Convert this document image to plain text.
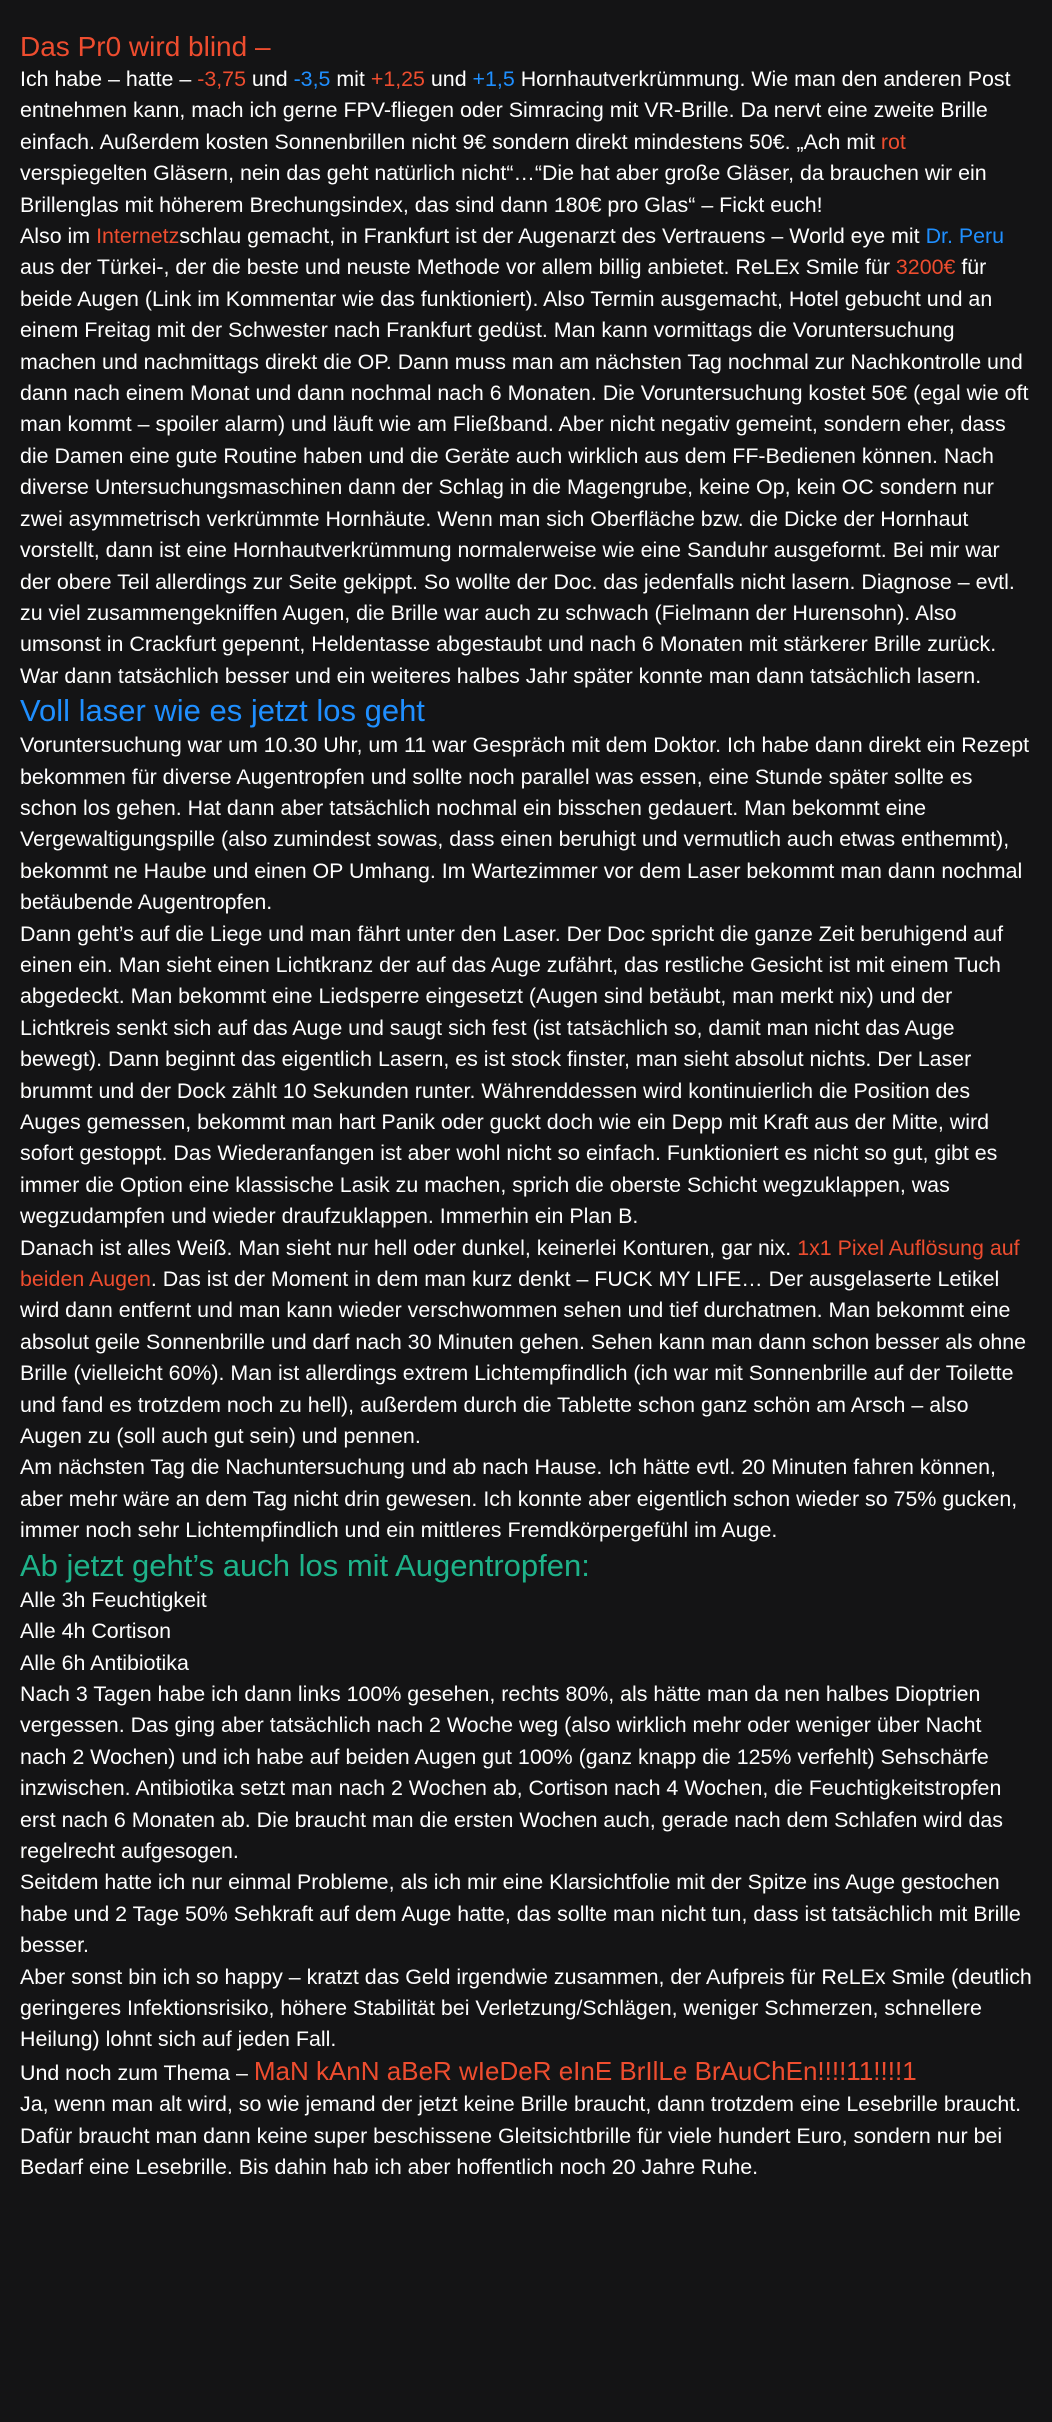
Das Pr0 wird blind –

Ich habe – hatte – -3,75 und -3,5 mit +1,25 und +1,5 Hornhautverkrümmung. Wie man den anderen Post entnehmen kann, mach ich gerne FPV-fliegen oder Simracing mit VR-Brille. Da nervt eine zweite Brille einfach. Außerdem kosten Sonnenbrillen nicht 9€ sondern direkt mindestens 50€. „Ach mit rot verspiegelten Gläsern, nein das geht natürlich nicht“…“Die hat aber große Gläser, da brauchen wir ein Brillenglas mit höherem Brechungsindex, das sind dann 180€ pro Glas“ – Fickt euch!

Also im Internetzschlau gemacht, in Frankfurt ist der Augenarzt des Vertrauens – World eye mit Dr. Peru aus der Türkei-, der die beste und neuste Methode vor allem billig anbietet. ReLEx Smile für 3200€ für beide Augen (Link im Kommentar wie das funktioniert). Also Termin ausgemacht, Hotel gebucht und an einem Freitag mit der Schwester nach Frankfurt gedüst. Man kann vormittags die Voruntersuchung machen und nachmittags direkt die OP. Dann muss man am nächsten Tag nochmal zur Nachkontrolle und dann nach einem Monat und dann nochmal nach 6 Monaten. Die Voruntersuchung kostet 50€ (egal wie oft man kommt – spoiler alarm) und läuft wie am Fließband. Aber nicht negativ gemeint, sondern eher, dass die Damen eine gute Routine haben und die Geräte auch wirklich aus dem FF-Bedienen können. Nach diverse Untersuchungsmaschinen dann der Schlag in die Magengrube, keine Op, kein OC sondern nur zwei asymmetrisch verkrümmte Hornhäute. Wenn man sich Oberfläche bzw. die Dicke der Hornhaut vorstellt, dann ist eine Hornhautverkrümmung normalerweise wie eine Sanduhr ausgeformt. Bei mir war der obere Teil allerdings zur Seite gekippt. So wollte der Doc. das jedenfalls nicht lasern. Diagnose – evtl. zu viel zusammengekniffen Augen, die Brille war auch zu schwach (Fielmann der Hurensohn). Also umsonst in Crackfurt gepennt, Heldentasse abgestaubt und nach 6 Monaten mit stärkerer Brille zurück. War dann tatsächlich besser und ein weiteres halbes Jahr später konnte man dann tatsächlich lasern.

Voll laser wie es jetzt los geht

Voruntersuchung war um 10.30 Uhr, um 11 war Gespräch mit dem Doktor. Ich habe dann direkt ein Rezept bekommen für diverse Augentropfen und sollte noch parallel was essen, eine Stunde später sollte es schon los gehen. Hat dann aber tatsächlich nochmal ein bisschen gedauert. Man bekommt eine Vergewaltigungspille (also zumindest sowas, dass einen beruhigt und vermutlich auch etwas enthemmt), bekommt ne Haube und einen OP Umhang. Im Wartezimmer vor dem Laser bekommt man dann nochmal betäubende Augentropfen.

Dann geht’s auf die Liege und man fährt unter den Laser. Der Doc spricht die ganze Zeit beruhigend auf einen ein. Man sieht einen Lichtkranz der auf das Auge zufährt, das restliche Gesicht ist mit einem Tuch abgedeckt. Man bekommt eine Liedsperre eingesetzt (Augen sind betäubt, man merkt nix) und der Lichtkreis senkt sich auf das Auge und saugt sich fest (ist tatsächlich so, damit man nicht das Auge bewegt). Dann beginnt das eigentlich Lasern, es ist stock finster, man sieht absolut nichts. Der Laser brummt und der Dock zählt 10 Sekunden runter. Währenddessen wird kontinuierlich die Position des Auges gemessen, bekommt man hart Panik oder guckt doch wie ein Depp mit Kraft aus der Mitte, wird sofort gestoppt. Das Wiederanfangen ist aber wohl nicht so einfach. Funktioniert es nicht so gut, gibt es immer die Option eine klassische Lasik zu machen, sprich die oberste Schicht wegzuklappen, was wegzudampfen und wieder draufzuklappen. Immerhin ein Plan B.

Danach ist alles Weiß. Man sieht nur hell oder dunkel, keinerlei Konturen, gar nix. 1x1 Pixel Auflösung auf beiden Augen. Das ist der Moment in dem man kurz denkt – FUCK MY LIFE… Der ausgelaserte Letikel wird dann entfernt und man kann wieder verschwommen sehen und tief durchatmen. Man bekommt eine absolut geile Sonnenbrille und darf nach 30 Minuten gehen. Sehen kann man dann schon besser als ohne Brille (vielleicht 60%). Man ist allerdings extrem Lichtempfindlich (ich war mit Sonnenbrille auf der Toilette und fand es trotzdem noch zu hell), außerdem durch die Tablette schon ganz schön am Arsch – also Augen zu (soll auch gut sein) und pennen.

Am nächsten Tag die Nachuntersuchung und ab nach Hause. Ich hätte evtl. 20 Minuten fahren können, aber mehr wäre an dem Tag nicht drin gewesen. Ich konnte aber eigentlich schon wieder so 75% gucken, immer noch sehr Lichtempfindlich und ein mittleres Fremdkörpergefühl im Auge.

Ab jetzt geht’s auch los mit Augentropfen:

Alle 3h Feuchtigkeit

Alle 4h Cortison

Alle 6h Antibiotika

Nach 3 Tagen habe ich dann links 100% gesehen, rechts 80%, als hätte man da nen halbes Dioptrien vergessen. Das ging aber tatsächlich nach 2 Woche weg (also wirklich mehr oder weniger über Nacht nach 2 Wochen) und ich habe auf beiden Augen gut 100% (ganz knapp die 125% verfehlt) Sehschärfe inzwischen. Antibiotika setzt man nach 2 Wochen ab, Cortison nach 4 Wochen, die Feuchtigkeitstropfen erst nach 6 Monaten ab. Die braucht man die ersten Wochen auch, gerade nach dem Schlafen wird das regelrecht aufgesogen.

Seitdem hatte ich nur einmal Probleme, als ich mir eine Klarsichtfolie mit der Spitze ins Auge gestochen habe und 2 Tage 50% Sehkraft auf dem Auge hatte, das sollte man nicht tun, dass ist tatsächlich mit Brille besser.

Aber sonst bin ich so happy – kratzt das Geld irgendwie zusammen, der Aufpreis für ReLEx Smile (deutlich geringeres Infektionsrisiko, höhere Stabilität bei Verletzung/Schlägen, weniger Schmerzen, schnellere Heilung) lohnt sich auf jeden Fall.

Und noch zum Thema – MaN kAnN aBeR wIeDeR eInE BrIlLe BrAuChEn!!!!11!!!!1

Ja, wenn man alt wird, so wie jemand der jetzt keine Brille braucht, dann trotzdem eine Lesebrille braucht. Dafür braucht man dann keine super beschissene Gleitsichtbrille für viele hundert Euro, sondern nur bei Bedarf eine Lesebrille. Bis dahin hab ich aber hoffentlich noch 20 Jahre Ruhe.
